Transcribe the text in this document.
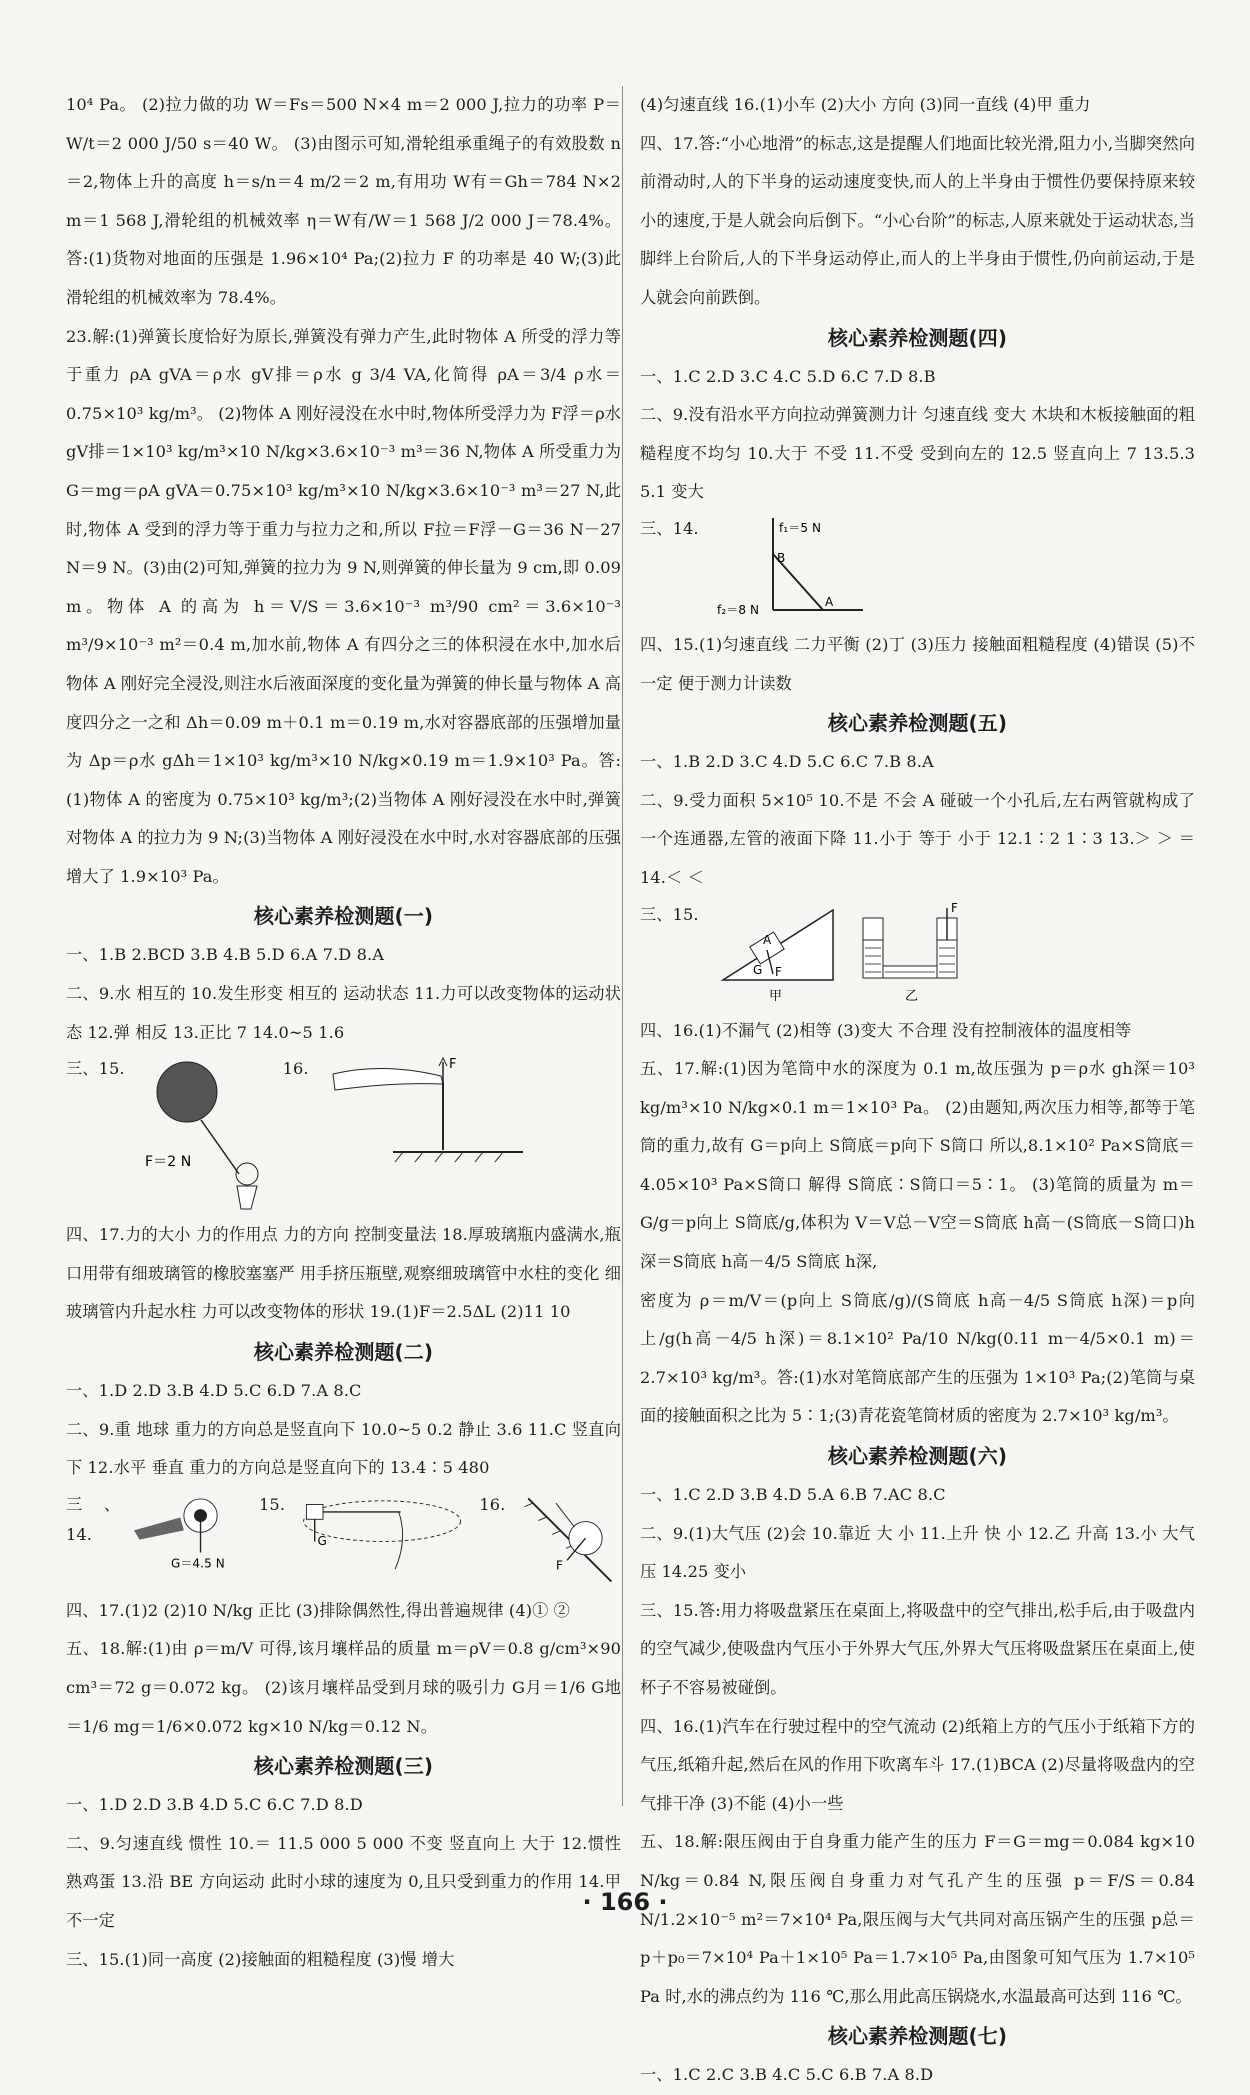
10⁴ Pa。 (2)拉力做的功 W＝Fs＝500 N×4 m＝2 000 J,拉力的功率 P＝W/t＝2 000 J/50 s＝40 W。 (3)由图示可知,滑轮组承重绳子的有效股数 n＝2,物体上升的高度 h＝s/n＝4 m/2＝2 m,有用功 W有＝Gh＝784 N×2 m＝1 568 J,滑轮组的机械效率 η＝W有/W＝1 568 J/2 000 J＝78.4%。答:(1)货物对地面的压强是 1.96×10⁴ Pa;(2)拉力 F 的功率是 40 W;(3)此滑轮组的机械效率为 78.4%。

23.解:(1)弹簧长度恰好为原长,弹簧没有弹力产生,此时物体 A 所受的浮力等于重力 ρA gVA＝ρ水 gV排＝ρ水 g 3/4 VA,化简得 ρA＝3/4 ρ水＝0.75×10³ kg/m³。 (2)物体 A 刚好浸没在水中时,物体所受浮力为 F浮＝ρ水 gV排＝1×10³ kg/m³×10 N/kg×3.6×10⁻³ m³＝36 N,物体 A 所受重力为 G＝mg＝ρA gVA＝0.75×10³ kg/m³×10 N/kg×3.6×10⁻³ m³＝27 N,此时,物体 A 受到的浮力等于重力与拉力之和,所以 F拉＝F浮－G＝36 N－27 N＝9 N。(3)由(2)可知,弹簧的拉力为 9 N,则弹簧的伸长量为 9 cm,即 0.09 m。物体 A 的高为 h＝V/S＝3.6×10⁻³ m³/90 cm²＝3.6×10⁻³ m³/9×10⁻³ m²＝0.4 m,加水前,物体 A 有四分之三的体积浸在水中,加水后物体 A 刚好完全浸没,则注水后液面深度的变化量为弹簧的伸长量与物体 A 高度四分之一之和 Δh＝0.09 m＋0.1 m＝0.19 m,水对容器底部的压强增加量为 Δp＝ρ水 gΔh＝1×10³ kg/m³×10 N/kg×0.19 m＝1.9×10³ Pa。答:(1)物体 A 的密度为 0.75×10³ kg/m³;(2)当物体 A 刚好浸没在水中时,弹簧对物体 A 的拉力为 9 N;(3)当物体 A 刚好浸没在水中时,水对容器底部的压强增大了 1.9×10³ Pa。

核心素养检测题(一)

一、1.B 2.BCD 3.B 4.B 5.D 6.A 7.D 8.A

二、9.水 相互的 10.发生形变 相互的 运动状态 11.力可以改变物体的运动状态 12.弹 相反 13.正比 7 14.0~5 1.6

三、15.
F＝2 N
16.	F

四、17.力的大小 力的作用点 力的方向 控制变量法 18.厚玻璃瓶内盛满水,瓶口用带有细玻璃管的橡胶塞塞严 用手挤压瓶壁,观察细玻璃管中水柱的变化 细玻璃管内升起水柱 力可以改变物体的形状 19.(1)F＝2.5ΔL (2)11 10

核心素养检测题(二)

一、1.D 2.D 3.B 4.D 5.C 6.D 7.A 8.C

二、9.重 地球 重力的方向总是竖直向下 10.0~5 0.2 静止 3.6 11.C 竖直向下 12.水平 垂直 重力的方向总是竖直向下的 13.4∶5 480

三、14.
G＝4.5 N
15.
G
16.
F

四、17.(1)2 (2)10 N/kg 正比 (3)排除偶然性,得出普遍规律 (4)① ②

五、18.解:(1)由 ρ＝m/V 可得,该月壤样品的质量 m＝ρV＝0.8 g/cm³×90 cm³＝72 g＝0.072 kg。 (2)该月壤样品受到月球的吸引力 G月＝1/6 G地＝1/6 mg＝1/6×0.072 kg×10 N/kg＝0.12 N。

核心素养检测题(三)

一、1.D 2.D 3.B 4.D 5.C 6.C 7.D 8.D

二、9.匀速直线 惯性 10.＝ 11.5 000 5 000 不变 竖直向上 大于 12.惯性 熟鸡蛋 13.沿 BE 方向运动 此时小球的速度为 0,且只受到重力的作用 14.甲 不一定

三、15.(1)同一高度 (2)接触面的粗糙程度 (3)慢 增大

(4)匀速直线 16.(1)小车 (2)大小 方向 (3)同一直线 (4)甲 重力

四、17.答:“小心地滑”的标志,这是提醒人们地面比较光滑,阻力小,当脚突然向前滑动时,人的下半身的运动速度变快,而人的上半身由于惯性仍要保持原来较小的速度,于是人就会向后倒下。“小心台阶”的标志,人原来就处于运动状态,当脚绊上台阶后,人的下半身运动停止,而人的上半身由于惯性,仍向前运动,于是人就会向前跌倒。

核心素养检测题(四)

一、1.C 2.D 3.C 4.C 5.D 6.C 7.D 8.B

二、9.没有沿水平方向拉动弹簧测力计 匀速直线 变大 木块和木板接触面的粗糙程度不均匀 10.大于 不受 11.不受 受到向左的 12.5 竖直向上 7 13.5.3 5.1 变大

三、14.	f₁＝5 N
B
f₂＝8 N
A

四、15.(1)匀速直线 二力平衡 (2)丁 (3)压力 接触面粗糙程度 (4)错误 (5)不一定 便于测力计读数

核心素养检测题(五)

一、1.B 2.D 3.C 4.D 5.C 6.C 7.B 8.A

二、9.受力面积 5×10⁵ 10.不是 不会 A 碰破一个小孔后,左右两管就构成了一个连通器,左管的液面下降 11.小于 等于 小于 12.1∶2 1∶3 13.＞ ＞ ＝ 14.＜ ＜

三、15.
F
G
A
甲
F
乙

四、16.(1)不漏气 (2)相等 (3)变大 不合理 没有控制液体的温度相等

五、17.解:(1)因为笔筒中水的深度为 0.1 m,故压强为 p＝ρ水 gh深＝10³ kg/m³×10 N/kg×0.1 m＝1×10³ Pa。 (2)由题知,两次压力相等,都等于笔筒的重力,故有 G＝p向上 S筒底＝p向下 S筒口 所以,8.1×10² Pa×S筒底＝4.05×10³ Pa×S筒口 解得 S筒底∶S筒口＝5∶1。 (3)笔筒的质量为 m＝G/g＝p向上 S筒底/g,体积为 V＝V总－V空＝S筒底 h高－(S筒底－S筒口)h深＝S筒底 h高－4/5 S筒底 h深,

密度为 ρ＝m/V＝(p向上 S筒底/g)/(S筒底 h高－4/5 S筒底 h深)＝p向上/g(h高－4/5 h深)＝8.1×10² Pa/10 N/kg(0.11 m－4/5×0.1 m)＝2.7×10³ kg/m³。答:(1)水对笔筒底部产生的压强为 1×10³ Pa;(2)笔筒与桌面的接触面积之比为 5∶1;(3)青花瓷笔筒材质的密度为 2.7×10³ kg/m³。

核心素养检测题(六)

一、1.C 2.D 3.B 4.D 5.A 6.B 7.AC 8.C

二、9.(1)大气压 (2)会 10.靠近 大 小 11.上升 快 小 12.乙 升高 13.小 大气压 14.25 变小

三、15.答:用力将吸盘紧压在桌面上,将吸盘中的空气排出,松手后,由于吸盘内的空气减少,使吸盘内气压小于外界大气压,外界大气压将吸盘紧压在桌面上,使杯子不容易被碰倒。

四、16.(1)汽车在行驶过程中的空气流动 (2)纸箱上方的气压小于纸箱下方的气压,纸箱升起,然后在风的作用下吹离车斗 17.(1)BCA (2)尽量将吸盘内的空气排干净 (3)不能 (4)小一些

五、18.解:限压阀由于自身重力能产生的压力 F＝G＝mg＝0.084 kg×10 N/kg＝0.84 N,限压阀自身重力对气孔产生的压强 p＝F/S＝0.84 N/1.2×10⁻⁵ m²＝7×10⁴ Pa,限压阀与大气共同对高压锅产生的压强 p总＝p＋p₀＝7×10⁴ Pa＋1×10⁵ Pa＝1.7×10⁵ Pa,由图象可知气压为 1.7×10⁵ Pa 时,水的沸点约为 116 ℃,那么用此高压锅烧水,水温最高可达到 116 ℃。

核心素养检测题(七)

一、1.C 2.C 3.B 4.C 5.C 6.B 7.A 8.D

· 166 ·
